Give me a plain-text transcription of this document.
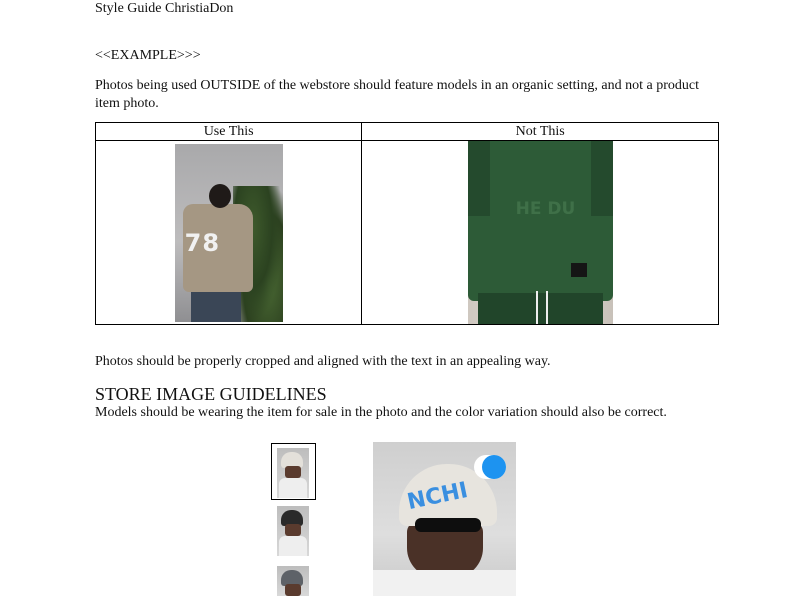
Style Guide ChristiaDon

<<EXAMPLE>>>

Photos being used OUTSIDE of the webstore should feature models in an organic setting, and not a product item photo.

Use This	Not This

78	HE DU

Photos should be properly cropped and aligned with the text in an appealing way.

STORE IMAGE GUIDELINES

Models should be wearing the item for sale in the photo and the color variation should also be correct.

NCHI
